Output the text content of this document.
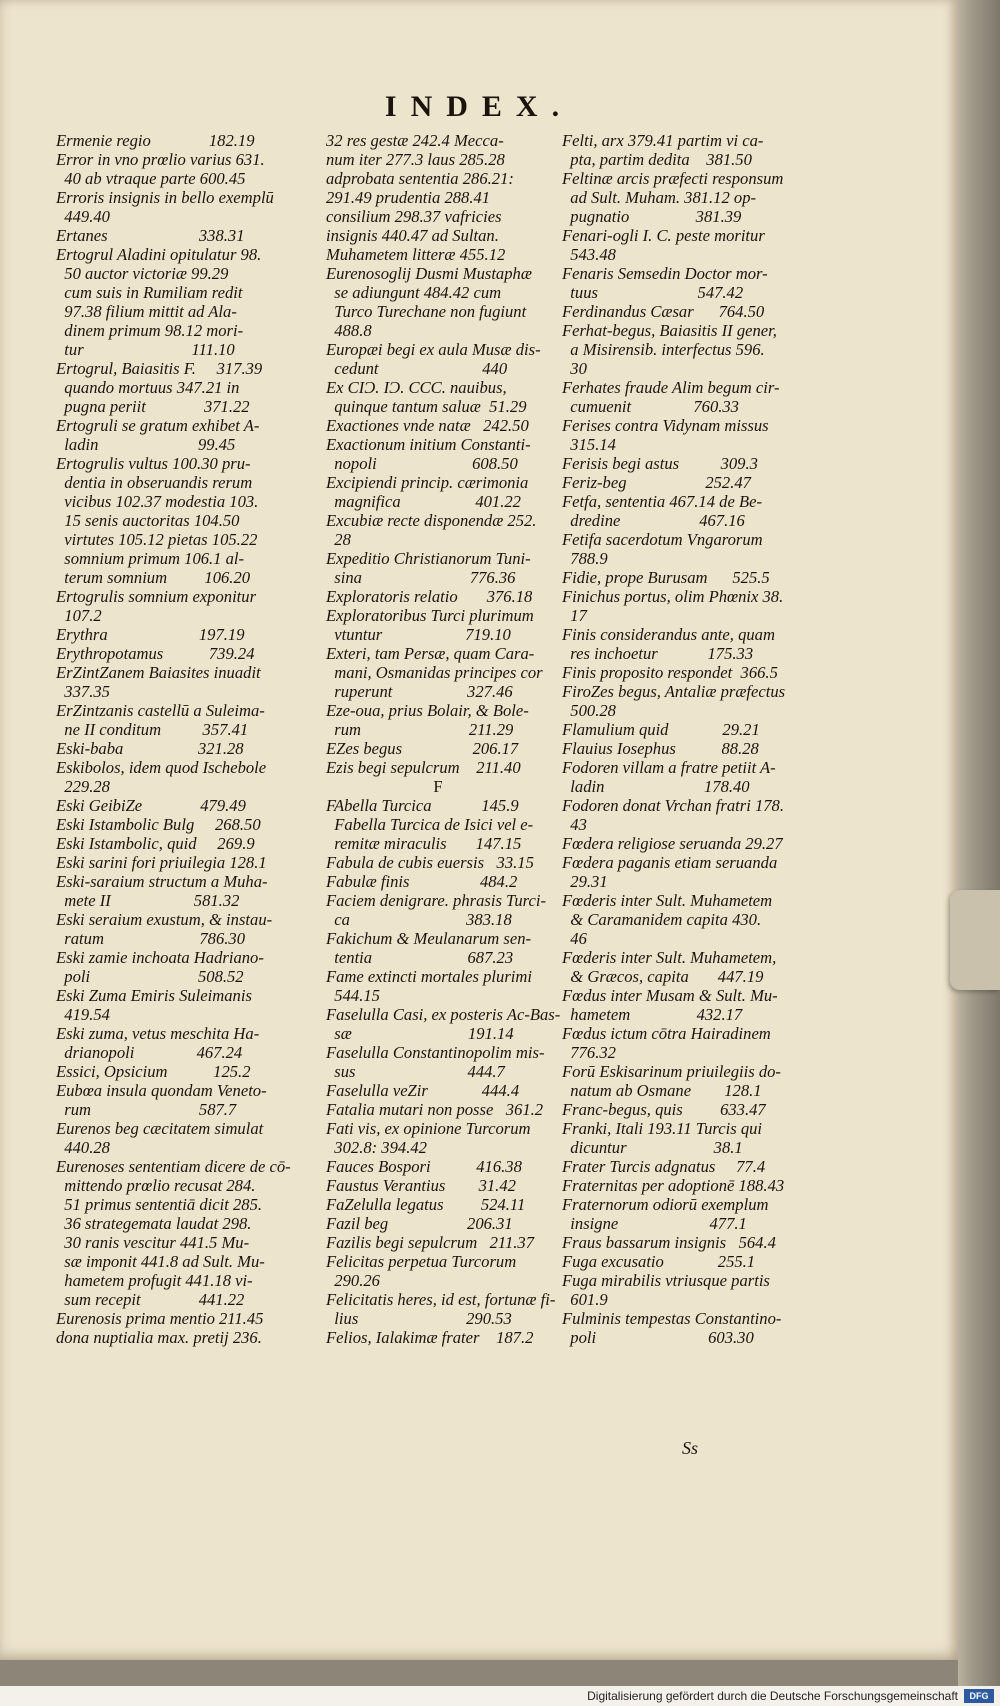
INDEX.
Ermenie regio              182.19
Error in vno prœlio varius 631.
40 ab vtraque parte 600.45
Erroris insignis in bello exemplū
449.40
Ertanes                      338.31
Ertogrul Aladini opitulatur 98.
50 auctor victoriæ 99.29
cum suis in Rumiliam redit
97.38 filium mittit ad Ala-
dinem primum 98.12 mori-
tur                          111.10
Ertogrul, Baiasitis F.     317.39
quando mortuus 347.21 in
pugna periit              371.22
Ertogruli se gratum exhibet A-
ladin                        99.45
Ertogrulis vultus 100.30 pru-
dentia in obseruandis rerum
vicibus 102.37 modestia 103.
15 senis auctoritas 104.50
virtutes 105.12 pietas 105.22
somnium primum 106.1 al-
terum somnium         106.20
Ertogrulis somnium exponitur
107.2
Erythra                      197.19
Erythropotamus           739.24
ErZintZanem Baiasites inuadit
337.35
ErZintzanis castellū a Suleima-
ne II conditum          357.41
Eski-baba                  321.28
Eskibolos, idem quod Ischebole
229.28
Eski GeibiZe              479.49
Eski Istambolic Bulg     268.50
Eski Istambolic, quid     269.9
Eski sarini fori priuilegia 128.1
Eski-saraium structum a Muha-
mete II                    581.32
Eski seraium exustum, & instau-
ratum                       786.30
Eski zamie inchoata Hadriano-
poli                          508.52
Eski Zuma Emiris Suleimanis
419.54
Eski zuma, vetus meschita Ha-
drianopoli               467.24
Essici, Opsicium           125.2
Eubœa insula quondam Veneto-
rum                          587.7
Eurenos beg cæcitatem simulat
440.28
Eurenoses sententiam dicere de cō-
mittendo prœlio recusat 284.
51 primus sententiā dicit 285.
36 strategemata laudat 298.
30 ranis vescitur 441.5 Mu-
sæ imponit 441.8 ad Sult. Mu-
hametem profugit 441.18 vi-
sum recepit              441.22
Eurenosis prima mentio 211.45
dona nuptialia max. pretij 236.
32 res gestæ 242.4 Mecca-
num iter 277.3 laus 285.28
adprobata sententia 286.21:
291.49 prudentia 288.41
consilium 298.37 vafricies
insignis 440.47 ad Sultan.
Muhametem litteræ 455.12
Eurenosoglij Dusmi Mustaphæ
se adiungunt 484.42 cum
Turco Turechane non fugiunt
488.8
Europæi begi ex aula Musæ dis-
cedunt                         440
Ex CIƆ. IƆ. CCC. nauibus,
quinque tantum saluæ  51.29
Exactiones vnde natæ   242.50
Exactionum initium Constanti-
nopoli                       608.50
Excipiendi princip. cærimonia
magnifica                  401.22
Excubiæ recte disponendæ 252.
28
Expeditio Christianorum Tuni-
sina                          776.36
Exploratoris relatio       376.18
Exploratoribus Turci plurimum
vtuntur                    719.10
Exteri, tam Persæ, quam Cara-
mani, Osmanidas principes cor
ruperunt                  327.46
Eze-oua, prius Bolair, & Bole-
rum                          211.29
EZes begus                 206.17
Ezis begi sepulcrum    211.40
F
FAbella Turcica            145.9
Fabella Turcica de Isici vel e-
remitæ miraculis       147.15
Fabula de cubis euersis   33.15
Fabulæ finis                 484.2
Faciem denigrare. phrasis Turci-
ca                            383.18
Fakichum & Meulanarum sen-
tentia                       687.23
Fame extincti mortales plurimi
544.15
Faselulla Casi, ex posteris Ac-Bas-
sæ                            191.14
Faselulla Constantinopolim mis-
sus                           444.7
Faselulla veZir             444.4
Fatalia mutari non posse   361.2
Fati vis, ex opinione Turcorum
302.8: 394.42
Fauces Bospori           416.38
Faustus Verantius        31.42
FaZelulla legatus         524.11
Fazil beg                   206.31
Fazilis begi sepulcrum   211.37
Felicitas perpetua Turcorum
290.26
Felicitatis heres, id est, fortunæ fi-
lius                          290.53
Felios, Ialakimæ frater    187.2
Felti, arx 379.41 partim vi ca-
pta, partim dedita    381.50
Feltinæ arcis præfecti responsum
ad Sult. Muham. 381.12 op-
pugnatio                381.39
Fenari-ogli I. C. peste moritur
543.48
Fenaris Semsedin Doctor mor-
tuus                        547.42
Ferdinandus Cæsar      764.50
Ferhat-begus, Baiasitis II gener,
a Misirensib. interfectus 596.
30
Ferhates fraude Alim begum cir-
cumuenit               760.33
Ferises contra Vidynam missus
315.14
Ferisis begi astus          309.3
Feriz-beg                   252.47
Fetfa, sententia 467.14 de Be-
dredine                   467.16
Fetifa sacerdotum Vngarorum
788.9
Fidie, prope Burusam      525.5
Finichus portus, olim Phœnix 38.
17
Finis considerandus ante, quam
res inchoetur            175.33
Finis proposito respondet  366.5
FiroZes begus, Antaliæ præfectus
500.28
Flamulium quid             29.21
Flauius Iosephus           88.28
Fodoren villam a fratre petiit A-
ladin                        178.40
Fodoren donat Vrchan fratri 178.
43
Fœdera religiose seruanda 29.27
Fœdera paganis etiam seruanda
29.31
Fœderis inter Sult. Muhametem
& Caramanidem capita 430.
46
Fœderis inter Sult. Muhametem,
& Græcos, capita       447.19
Fœdus inter Musam & Sult. Mu-
hametem                432.17
Fœdus ictum cōtra Hairadinem
776.32
Forū Eskisarinum priuilegiis do-
natum ab Osmane        128.1
Franc-begus, quis         633.47
Franki, Itali 193.11 Turcis qui
dicuntur                     38.1
Frater Turcis adgnatus     77.4
Fraternitas per adoptionē 188.43
Fraternorum odiorū exemplum
insigne                      477.1
Fraus bassarum insignis   564.4
Fuga excusatio             255.1
Fuga mirabilis vtriusque partis
601.9
Fulminis tempestas Constantino-
poli                           603.30
Ss
Digitalisierung gefördert durch die Deutsche Forschungsgemeinschaft	DFG
